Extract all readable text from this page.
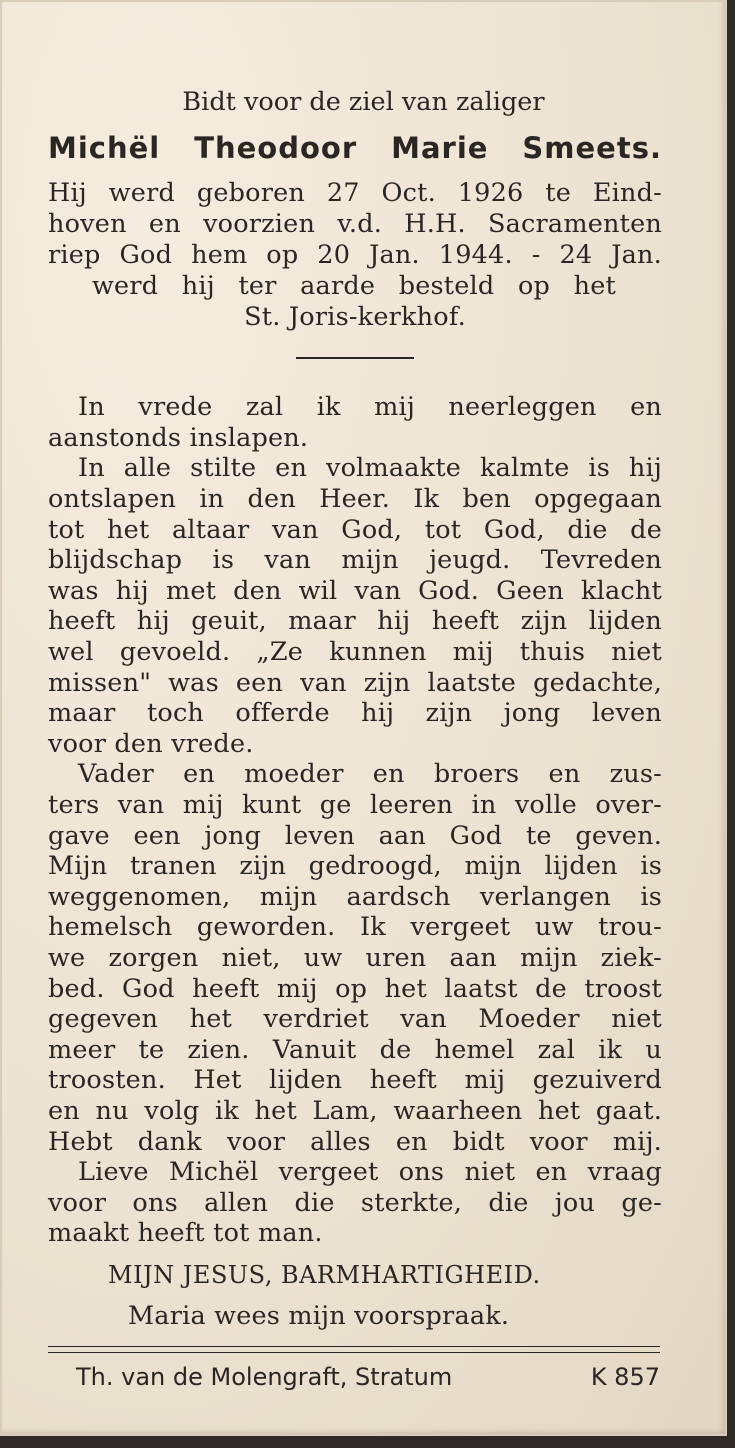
Bidt voor de ziel van zaliger
Michël Theodoor Marie Smeets.
Hij werd geboren 27 Oct. 1926 te Eind-
hoven en voorzien v.d. H.H. Sacramenten
riep God hem op 20 Jan. 1944. - 24 Jan.
werd hij ter aarde besteld op het
St. Joris-kerkhof.
In vrede zal ik mij neerleggen en
aanstonds inslapen.
In alle stilte en volmaakte kalmte is hij
ontslapen in den Heer. Ik ben opgegaan
tot het altaar van God, tot God, die de
blijdschap is van mijn jeugd. Tevreden
was hij met den wil van God. Geen klacht
heeft hij geuit, maar hij heeft zijn lijden
wel gevoeld. „Ze kunnen mij thuis niet
missen" was een van zijn laatste gedachte,
maar toch offerde hij zijn jong leven
voor den vrede.
Vader en moeder en broers en zus-
ters van mij kunt ge leeren in volle over-
gave een jong leven aan God te geven.
Mijn tranen zijn gedroogd, mijn lijden is
weggenomen, mijn aardsch verlangen is
hemelsch geworden. Ik vergeet uw trou-
we zorgen niet, uw uren aan mijn ziek-
bed. God heeft mij op het laatst de troost
gegeven het verdriet van Moeder niet
meer te zien. Vanuit de hemel zal ik u
troosten. Het lijden heeft mij gezuiverd
en nu volg ik het Lam, waarheen het gaat.
Hebt dank voor alles en bidt voor mij.
Lieve Michël vergeet ons niet en vraag
voor ons allen die sterkte, die jou ge-
maakt heeft tot man.
MIJN JESUS, BARMHARTIGHEID.
Maria wees mijn voorspraak.
Th. van de Molengraft, Stratum	K 857
